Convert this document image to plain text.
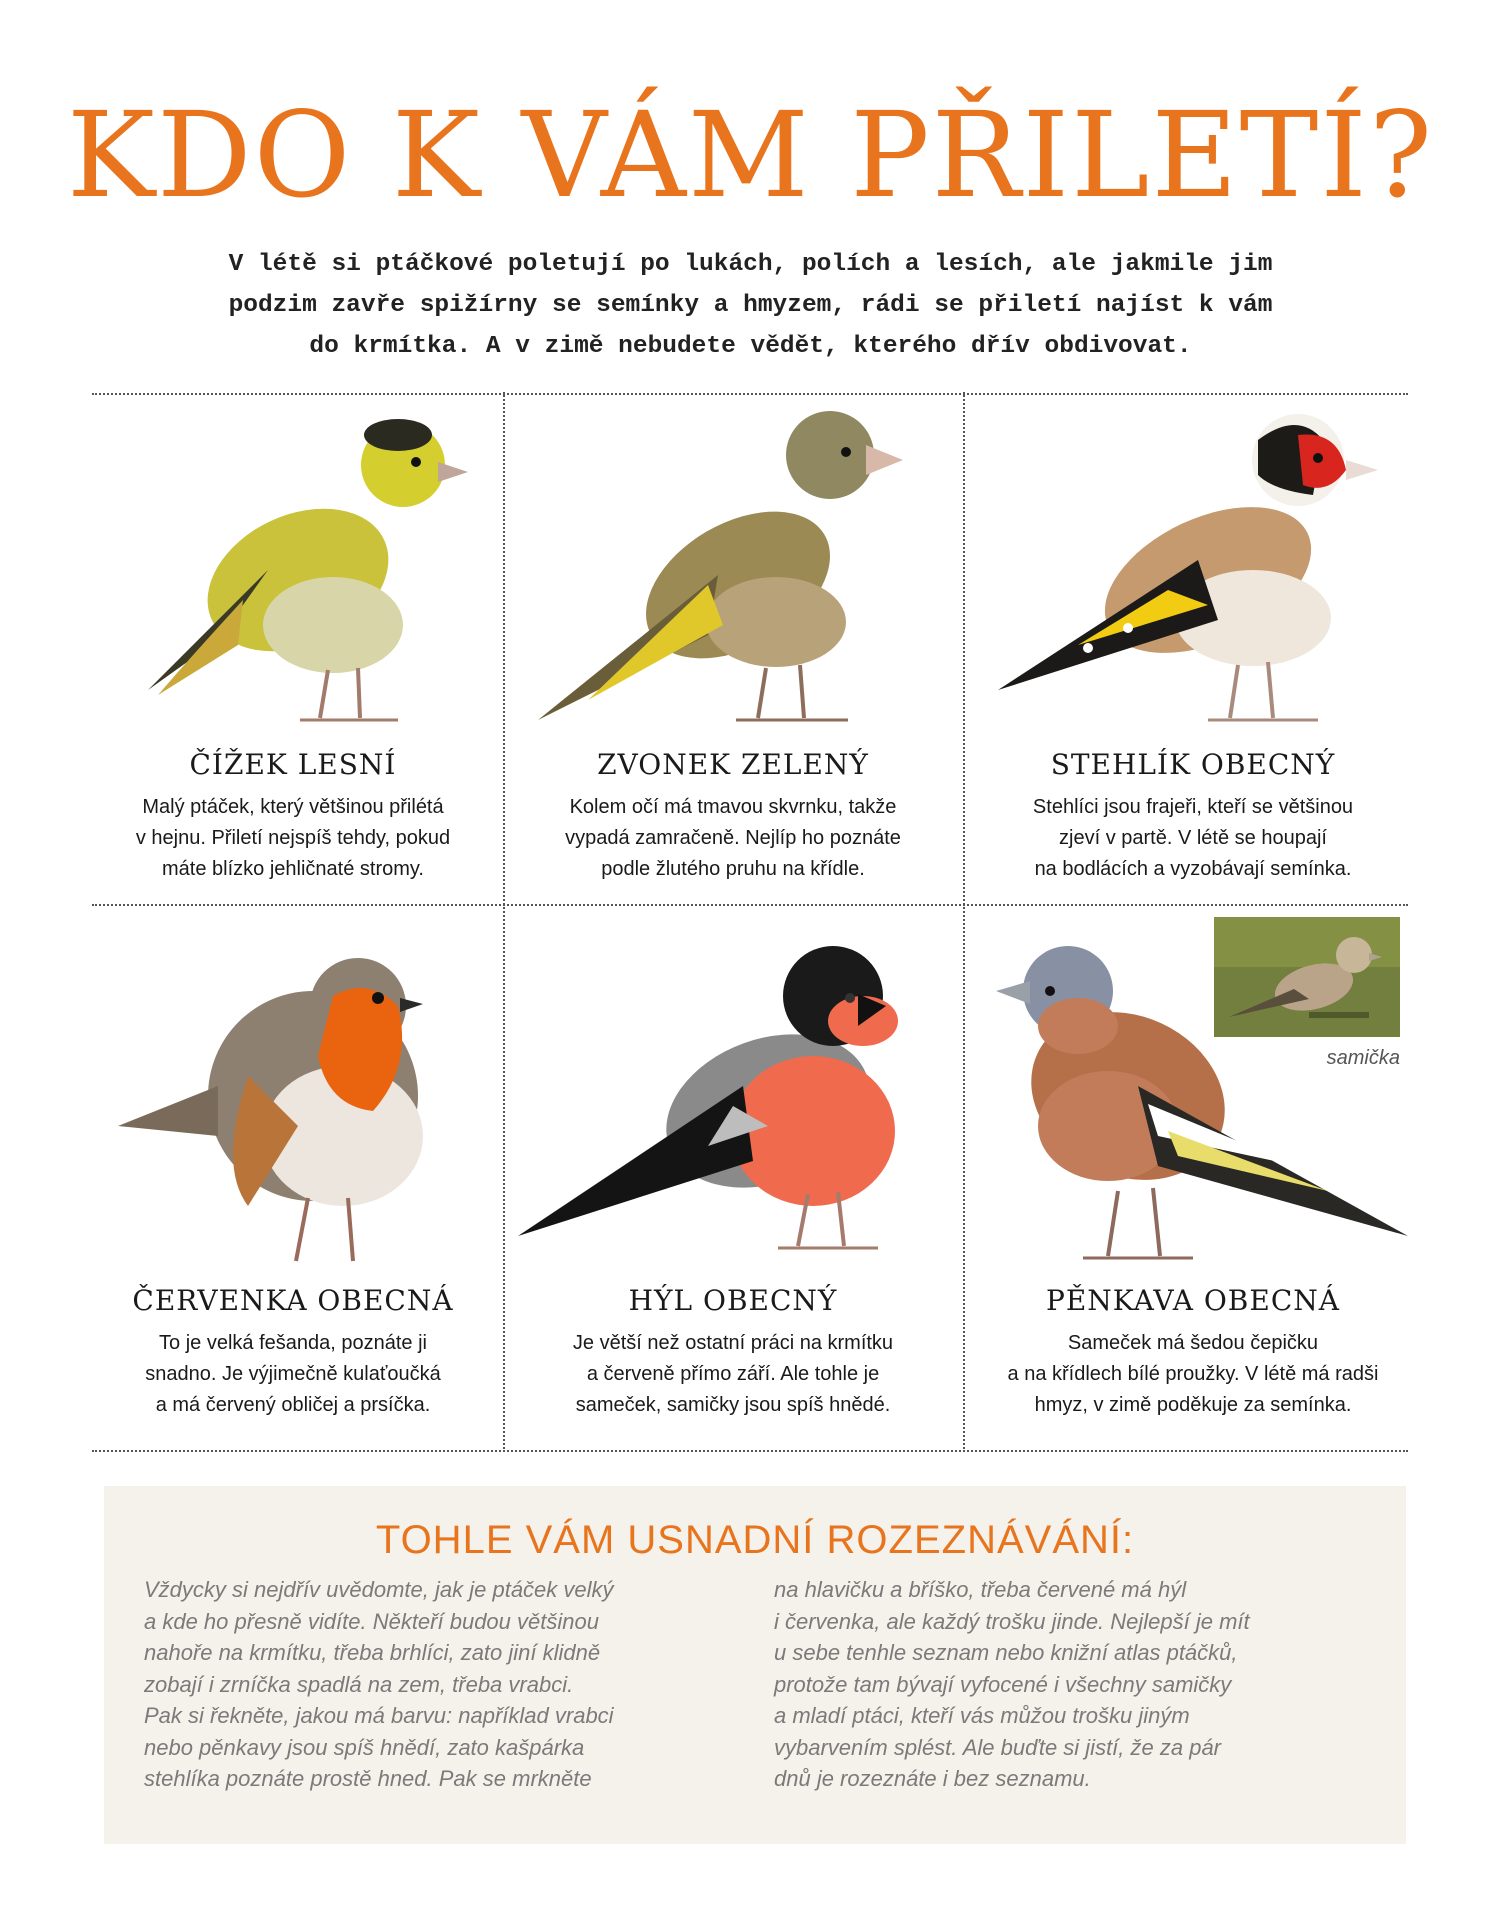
KDO K VÁM PŘILETÍ?
V létě si ptáčkové poletují po lukách, polích a lesích, ale jakmile jim
podzim zavře spižírny se semínky a hmyzem, rádi se přiletí najíst k vám
do krmítka. A v zimě nebudete vědět, kterého dřív obdivovat.
ČÍŽEK LESNÍ
Malý ptáček, který většinou přilétá
v hejnu. Přiletí nejspíš tehdy, pokud
máte blízko jehličnaté stromy.
ZVONEK ZELENÝ
Kolem očí má tmavou skvrnku, takže
vypadá zamračeně. Nejlíp ho poznáte
podle žlutého pruhu na křídle.
STEHLÍK OBECNÝ
Stehlíci jsou frajeři, kteří se většinou
zjeví v partě. V létě se houpají
na bodlácích a vyzobávají semínka.
ČERVENKA OBECNÁ
To je velká fešanda, poznáte ji
snadno. Je výjimečně kulaťoučká
a má červený obličej a prsíčka.
HÝL OBECNÝ
Je větší než ostatní práci na krmítku
a červeně přímo září. Ale tohle je
sameček, samičky jsou spíš hnědé.
PĚNKAVA OBECNÁ
Sameček má šedou čepičku
a na křídlech bílé proužky. V létě má radši
hmyz, v zimě poděkuje za semínka.
samička
TOHLE VÁM USNADNÍ ROZEZNÁVÁNÍ:
Vždycky si nejdřív uvědomte, jak je ptáček velký
a kde ho přesně vidíte. Někteří budou většinou
nahoře na krmítku, třeba brhlíci, zato jiní klidně
zobají i zrníčka spadlá na zem, třeba vrabci.
Pak si řekněte, jakou má barvu: například vrabci
nebo pěnkavy jsou spíš hnědí, zato kašpárka
stehlíka poznáte prostě hned. Pak se mrkněte
na hlavičku a bříško, třeba červené má hýl
i červenka, ale každý trošku jinde. Nejlepší je mít
u sebe tenhle seznam nebo knižní atlas ptáčků,
protože tam bývají vyfocené i všechny samičky
a mladí ptáci, kteří vás můžou trošku jiným
vybarvením splést. Ale buďte si jistí, že za pár
dnů je rozeznáte i bez seznamu.
